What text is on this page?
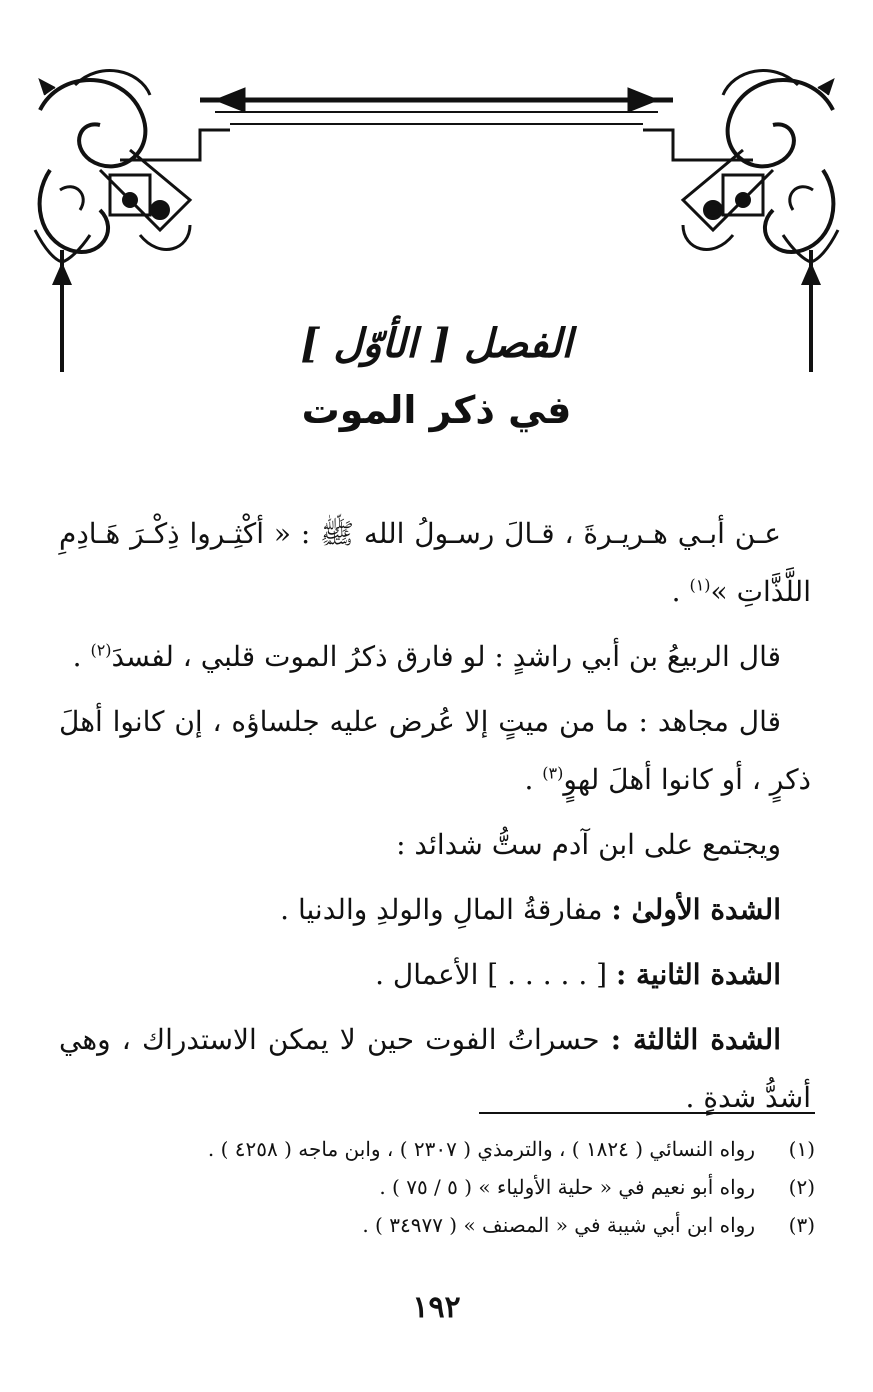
الفصل [ الأوّل ]
في ذكر الموت

عـن أبـي هـريـرةَ ، قـالَ رسـولُ الله ﷺ : « أكْثِـروا ذِكْـرَ هَـادِمِ اللَّذَّاتِ »$^{(١)}$ .

قال الربيعُ بن أبي راشدٍ : لو فارق ذكرُ الموت قلبي ، لفسدَ$^{(٢)}$ .

قال مجاهد : ما من ميتٍ إلا عُرض عليه جلساؤه ، إن كانوا أهلَ ذكرٍ ، أو كانوا أهلَ لهوٍ$^{(٣)}$ .

ويجتمع على ابن آدم ستُّ شدائد :

الشدة الأولىٰ : مفارقةُ المالِ والولدِ والدنيا .

الشدة الثانية : [ . . . . . ] الأعمال .

الشدة الثالثة : حسراتُ الفوت حين لا يمكن الاستدراك ، وهي أشدُّ شدةٍ .

(١)
رواه النسائي ( ١٨٢٤ ) ، والترمذي ( ٢٣٠٧ ) ، وابن ماجه ( ٤٢٥٨ ) .
(٢)
رواه أبو نعيم في « حلية الأولياء » ( ٥ / ٧٥ ) .
(٣)
رواه ابن أبي شيبة في « المصنف » ( ٣٤٩٧٧ ) .
١٩٢
